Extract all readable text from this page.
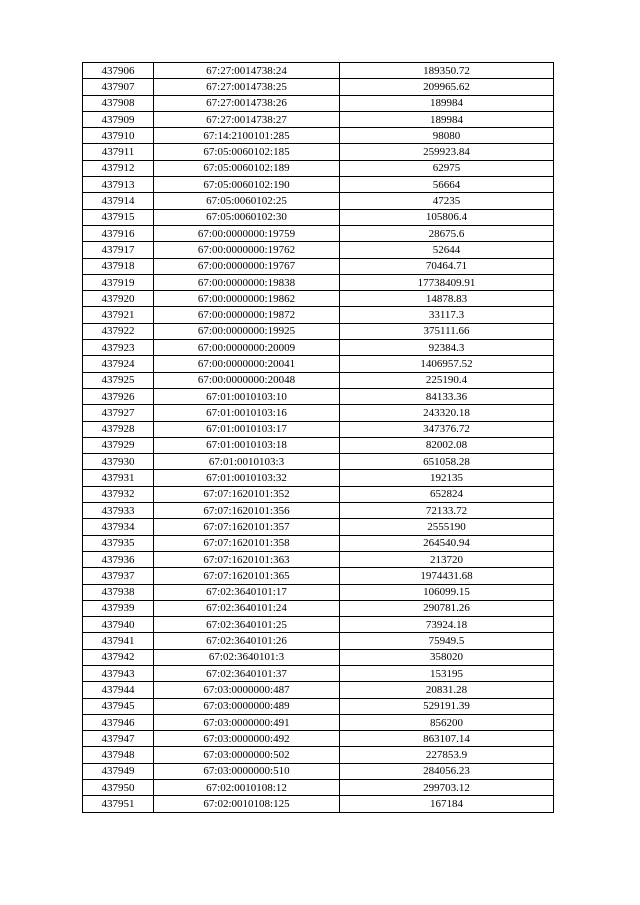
437906	67:27:0014738:24	189350.72
437907	67:27:0014738:25	209965.62
437908	67:27:0014738:26	189984
437909	67:27:0014738:27	189984
437910	67:14:2100101:285	98080
437911	67:05:0060102:185	259923.84
437912	67:05:0060102:189	62975
437913	67:05:0060102:190	56664
437914	67:05:0060102:25	47235
437915	67:05:0060102:30	105806.4
437916	67:00:0000000:19759	28675.6
437917	67:00:0000000:19762	52644
437918	67:00:0000000:19767	70464.71
437919	67:00:0000000:19838	17738409.91
437920	67:00:0000000:19862	14878.83
437921	67:00:0000000:19872	33117.3
437922	67:00:0000000:19925	375111.66
437923	67:00:0000000:20009	92384.3
437924	67:00:0000000:20041	1406957.52
437925	67:00:0000000:20048	225190.4
437926	67:01:0010103:10	84133.36
437927	67:01:0010103:16	243320.18
437928	67:01:0010103:17	347376.72
437929	67:01:0010103:18	82002.08
437930	67:01:0010103:3	651058.28
437931	67:01:0010103:32	192135
437932	67:07:1620101:352	652824
437933	67:07:1620101:356	72133.72
437934	67:07:1620101:357	2555190
437935	67:07:1620101:358	264540.94
437936	67:07:1620101:363	213720
437937	67:07:1620101:365	1974431.68
437938	67:02:3640101:17	106099.15
437939	67:02:3640101:24	290781.26
437940	67:02:3640101:25	73924.18
437941	67:02:3640101:26	75949.5
437942	67:02:3640101:3	358020
437943	67:02:3640101:37	153195
437944	67:03:0000000:487	20831.28
437945	67:03:0000000:489	529191.39
437946	67:03:0000000:491	856200
437947	67:03:0000000:492	863107.14
437948	67:03:0000000:502	227853.9
437949	67:03:0000000:510	284056.23
437950	67:02:0010108:12	299703.12
437951	67:02:0010108:125	167184
